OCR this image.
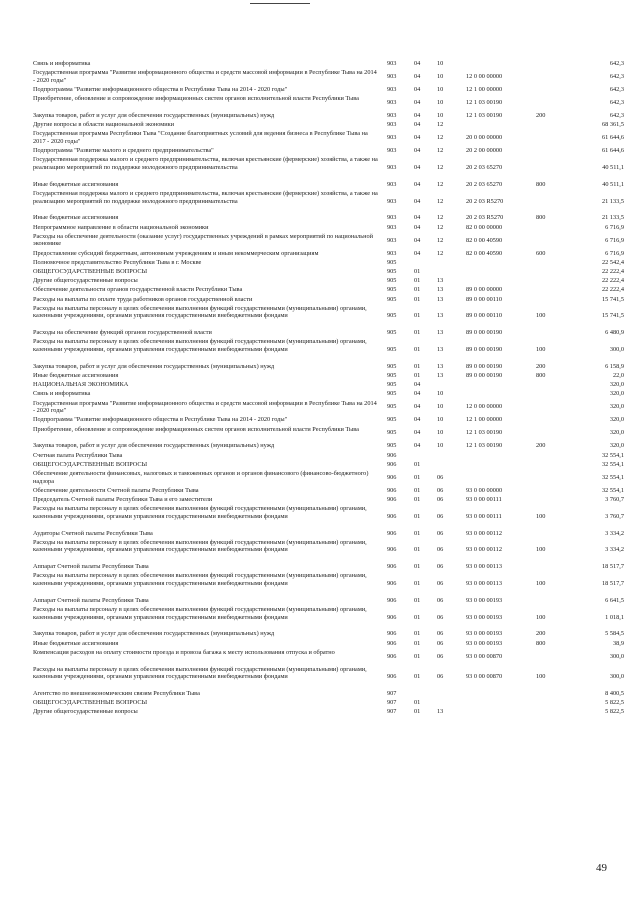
Связь и информатика	903	04	10	642,3
Государственная программа "Развитие информационного общества и средств массовой информации в Республике Тыва на 2014 - 2020 годы"
903	04	10	12 0 00 00000	642,3
Подпрограмма "Развитие информационного общества в Республике Тыва на 2014 - 2020 годы"	903	04	10	12 1 00 00000	642,3
Приобретение, обновление и сопровождение информационных систем органов исполнительной власти Республики Тыва
903	04	10	12 1 03 00190	642,3
Закупка товаров, работ и услуг для обеспечения государственных (муниципальных) нужд	903	04	10	12 1 03 00190	200	642,3
Другие вопросы в области национальной экономики	903	04	12	68 361,5
Государственная программа Республики Тыва "Создание благоприятных условий для ведения бизнеса в Республике Тыва на 2017 - 2020 годы"
903	04	12	20 0 00 00000	61 644,6
Подпрограмма "Развитие малого и среднего предпринимательства"	903	04	12	20 2 00 00000	61 644,6
Государственная поддержка малого и среднего предпринимательства, включая крестьянские (фермерские) хозяйства, а также на реализацию мероприятий по поддержке молодежного предпринимательства	903	04	12	20 2 03 65270	40 511,1
Иные бюджетные ассигнования	903	04	12	20 2 03 65270	800	40 511,1
Государственная поддержка малого и среднего предпринимательства, включая крестьянские (фермерские) хозяйства, а также на реализацию мероприятий по поддержке молодежного предпринимательства	903	04	12	20 2 03 R5270	21 133,5
Иные бюджетные ассигнования	903	04	12	20 2 03 R5270	800	21 133,5
Непрограммное направление в области национальной экономики	903	04	12	82 0 00 00000	6 716,9
Расходы на обеспечение деятельности (оказание услуг) государственных учреждений в рамках мероприятий по национальной экономике
903	04	12	82 0 00 40590	6 716,9
Предоставление субсидий бюджетным, автономным учреждениям и иным некоммерческим организациям	903	04	12	82 0 00 40590	600	6 716,9
Полномочное представительство Республики Тыва в г. Москве	905	22 542,4
ОБЩЕГОСУДАРСТВЕННЫЕ ВОПРОСЫ	905	01	22 222,4
Другие общегосударственные вопросы	905	01	13	22 222,4
Обеспечение деятельности органов государственной власти Республики Тыва	905	01	13	89 0 00 00000	22 222,4
Расходы на выплаты по оплате труда работников органов государственной власти	905	01	13	89 0 00 00110	15 741,5
Расходы на выплаты персоналу в целях обеспечения выполнения функций государственными (муниципальными) органами, казенными учреждениями, органами управления государственными внебюджетными фондами	905	01	13	89 0 00 00110	100	15 741,5
Расходы на обеспечение функций органов государственной власти	905	01	13	89 0 00 00190	6 480,9
Расходы на выплаты персоналу в целях обеспечения выполнения функций государственными (муниципальными) органами, казенными учреждениями, органами управления государственными внебюджетными фондами	905	01	13	89 0 00 00190	100	300,0
Закупка товаров, работ и услуг для обеспечения государственных (муниципальных) нужд	905	01	13	89 0 00 00190	200	6 158,9
Иные бюджетные ассигнования	905	01	13	89 0 00 00190	800	22,0
НАЦИОНАЛЬНАЯ ЭКОНОМИКА	905	04	320,0
Связь и информатика	905	04	10	320,0
Государственная программа "Развитие информационного общества и средств массовой информации в Республике Тыва на 2014 - 2020 годы"
905	04	10	12 0 00 00000	320,0
Подпрограмма "Развитие информационного общества в Республике Тыва на 2014 - 2020 годы"	905	04	10	12 1 00 00000	320,0
Приобретение, обновление и сопровождение информационных систем органов исполнительной власти Республики Тыва
905	04	10	12 1 03 00190	320,0
Закупка товаров, работ и услуг для обеспечения государственных (муниципальных) нужд	905	04	10	12 1 03 00190	200	320,0
Счетная палата Республики Тыва	906	32 554,1
ОБЩЕГОСУДАРСТВЕННЫЕ ВОПРОСЫ	906	01	32 554,1
Обеспечение деятельности финансовых, налоговых и таможенных органов и органов финансового (финансово-бюджетного) надзора
906	01	06	32 554,1
Обеспечение деятельности Счетной палаты Республики Тыва	906	01	06	93 0 00 00000	32 554,1
Председатель Счетной палаты Республики Тыва и его заместители	906	01	06	93 0 00 00111	3 760,7
Расходы на выплаты персоналу в целях обеспечения выполнения функций государственными (муниципальными) органами, казенными учреждениями, органами управления государственными внебюджетными фондами	906	01	06	93 0 00 00111	100	3 760,7
Аудиторы Счетной палаты Республики Тыва	906	01	06	93 0 00 00112	3 334,2
Расходы на выплаты персоналу в целях обеспечения выполнения функций государственными (муниципальными) органами, казенными учреждениями, органами управления государственными внебюджетными фондами	906	01	06	93 0 00 00112	100	3 334,2
Аппарат Счетной палаты Республики Тыва	906	01	06	93 0 00 00113	18 517,7
Расходы на выплаты персоналу в целях обеспечения выполнения функций государственными (муниципальными) органами, казенными учреждениями, органами управления государственными внебюджетными фондами	906	01	06	93 0 00 00113	100	18 517,7
Аппарат Счетной палаты Республики Тыва	906	01	06	93 0 00 00193	6 641,5
Расходы на выплаты персоналу в целях обеспечения выполнения функций государственными (муниципальными) органами, казенными учреждениями, органами управления государственными внебюджетными фондами	906	01	06	93 0 00 00193	100	1 018,1
Закупка товаров, работ и услуг для обеспечения государственных (муниципальных) нужд	906	01	06	93 0 00 00193	200	5 584,5
Иные бюджетные ассигнования	906	01	06	93 0 00 00193	800	38,9
Компенсация расходов на оплату стоимости проезда и провоза багажа к месту использования отпуска и обратно
906	01	06	93 0 00 00870	300,0
Расходы на выплаты персоналу в целях обеспечения выполнения функций государственными (муниципальными) органами, казенными учреждениями, органами управления государственными внебюджетными фондами	906	01	06	93 0 00 00870	100	300,0
Агентство по внешнеэкономическим связям Республики Тыва	907	8 400,5
ОБЩЕГОСУДАРСТВЕННЫЕ ВОПРОСЫ	907	01	5 822,5
Другие общегосударственные вопросы	907	01	13	5 822,5
49
